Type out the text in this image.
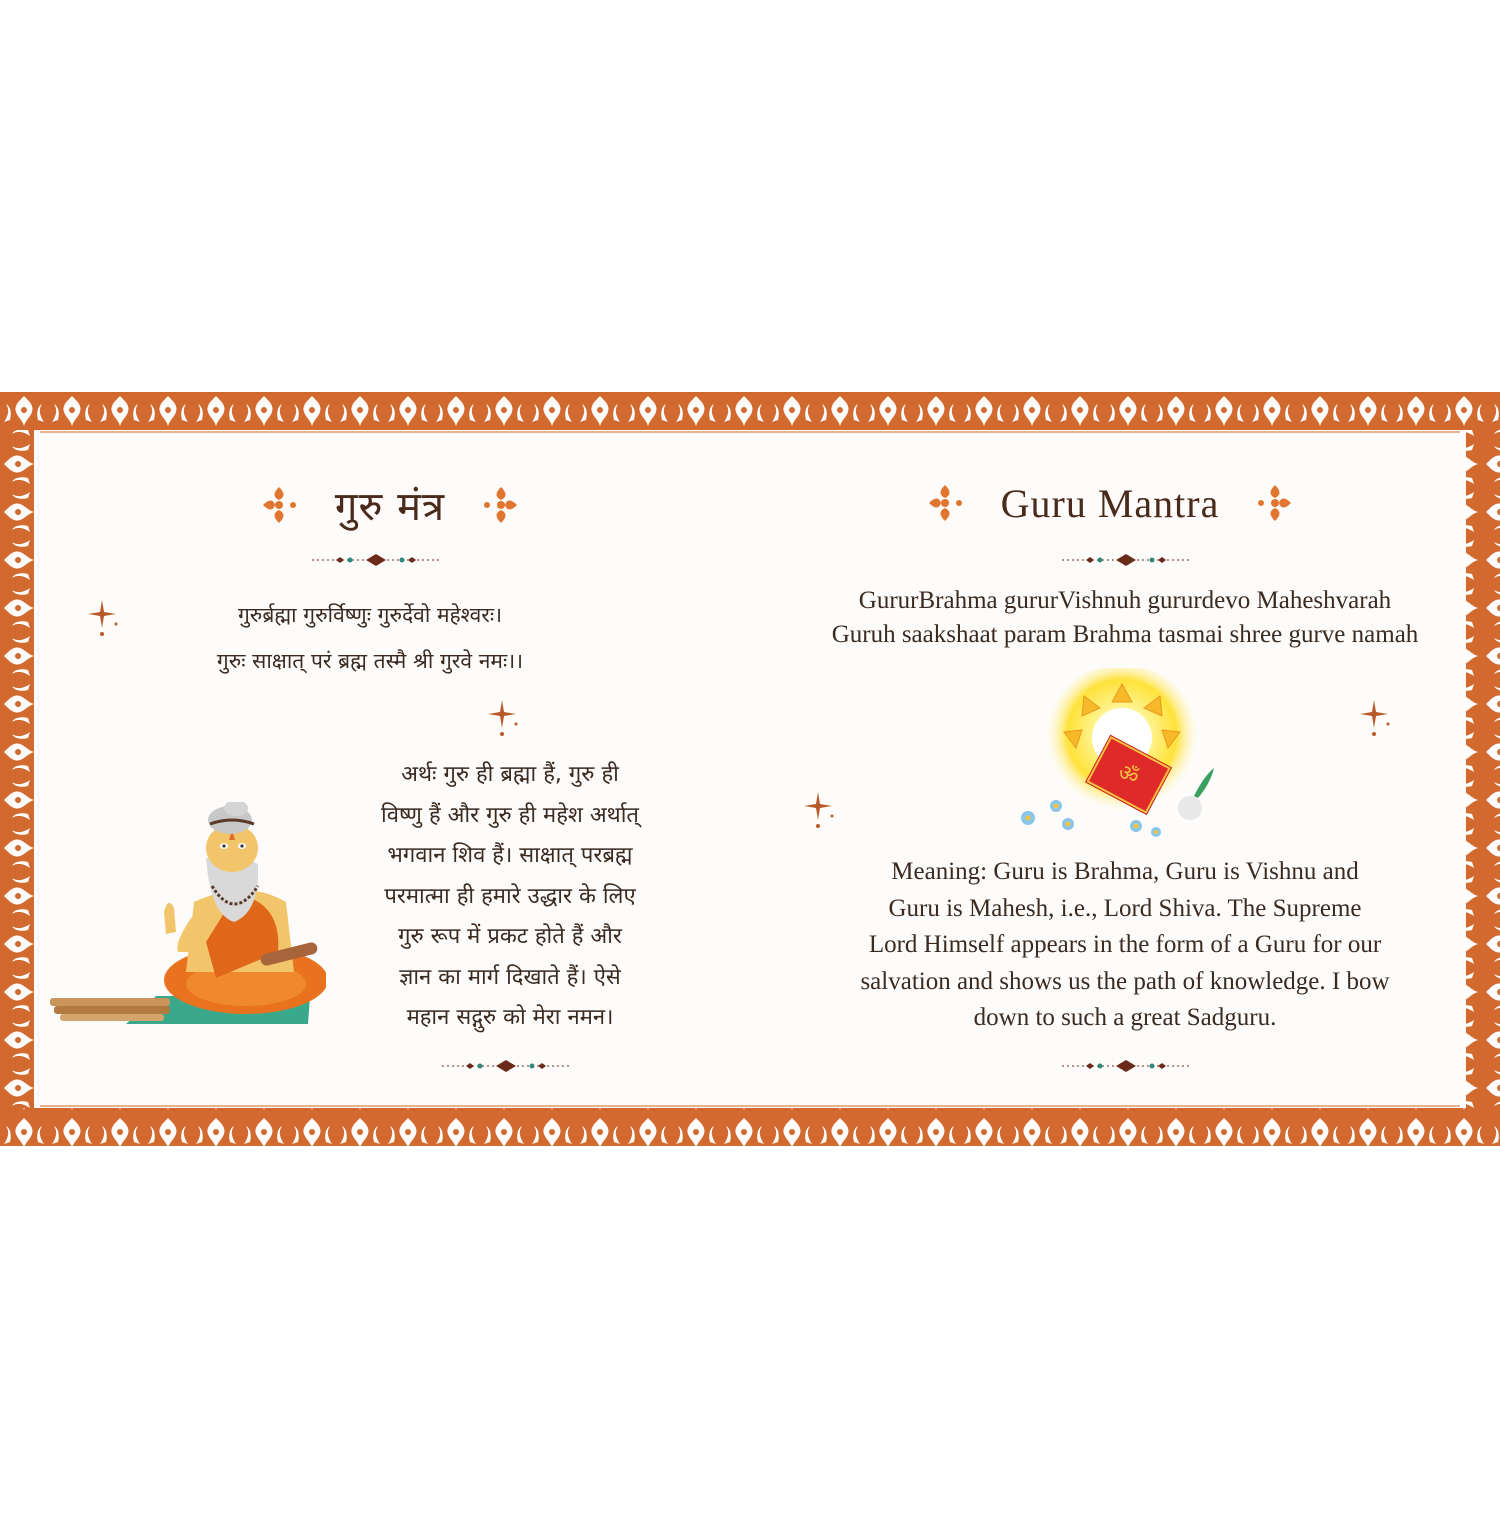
गुरु मंत्र
गुरुर्ब्रह्मा गुरुर्विष्णुः गुरुर्देवो महेश्वरः।
गुरुः साक्षात् परं ब्रह्म तस्मै श्री गुरवे नमः।।
अर्थः गुरु ही ब्रह्मा हैं, गुरु ही
विष्णु हैं और गुरु ही महेश अर्थात्
भगवान शिव हैं। साक्षात् परब्रह्म
परमात्मा ही हमारे उद्धार के लिए
गुरु रूप में प्रकट होते हैं और
ज्ञान का मार्ग दिखाते हैं। ऐसे
महान सद्गुरु को मेरा नमन।
Guru Mantra
GururBrahma gururVishnuh gururdevo Maheshvarah
Guruh saakshaat param Brahma tasmai shree gurve namah
ॐ
Meaning: Guru is Brahma, Guru is Vishnu and
Guru is Mahesh, i.e., Lord Shiva. The Supreme
Lord Himself appears in the form of a Guru for our
salvation and shows us the path of knowledge. I bow
down to such a great Sadguru.
